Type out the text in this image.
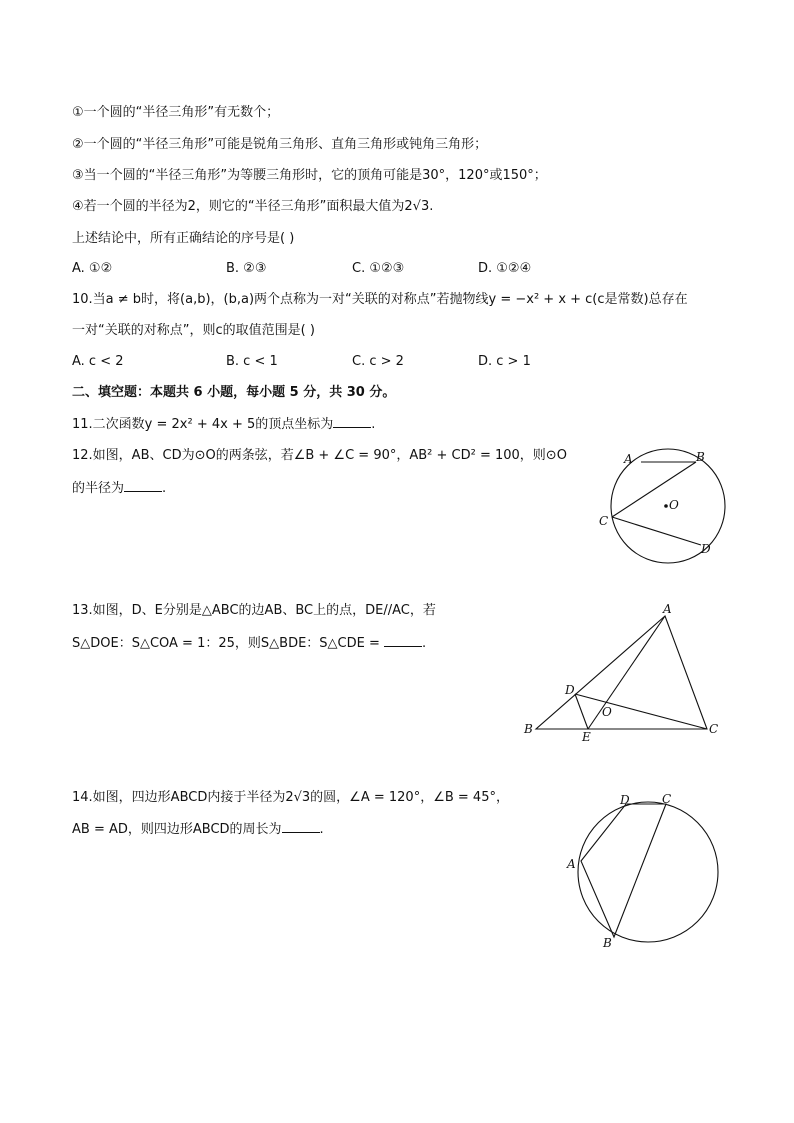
①一个圆的“半径三角形”有无数个；
②一个圆的“半径三角形”可能是锐角三角形、直角三角形或钝角三角形；
③当一个圆的“半径三角形”为等腰三角形时，它的顶角可能是30°，120°或150°；
④若一个圆的半径为2，则它的“半径三角形”面积最大值为2√3.
上述结论中，所有正确结论的序号是( )
A. ①②	B. ②③	C. ①②③	D. ①②④
10.当a ≠ b时，将(a,b)，(b,a)两个点称为一对“关联的对称点”若抛物线y = −x² + x + c(c是常数)总存在
一对“关联的对称点”，则c的取值范围是( )
A. c < 2	B. c < 1	C. c > 2	D. c > 1
二、填空题：本题共 6 小题，每小题 5 分，共 30 分。
11.二次函数y = 2x² + 4x + 5的顶点坐标为	.
12.如图，AB、CD为⊙O的两条弦，若∠B + ∠C = 90°，AB² + CD² = 100，则⊙O
的半径为	.
A	B
C
D
O
13.如图，D、E分别是△ABC的边AB、BC上的点，DE//AC，若
S△DOE：S△COA = 1：25，则S△BDE：S△CDE =	.
A
B	C
D
E
O
14.如图，四边形ABCD内接于半径为2√3的圆，∠A = 120°，∠B = 45°，
AB = AD，则四边形ABCD的周长为	.
A
B
C
D
